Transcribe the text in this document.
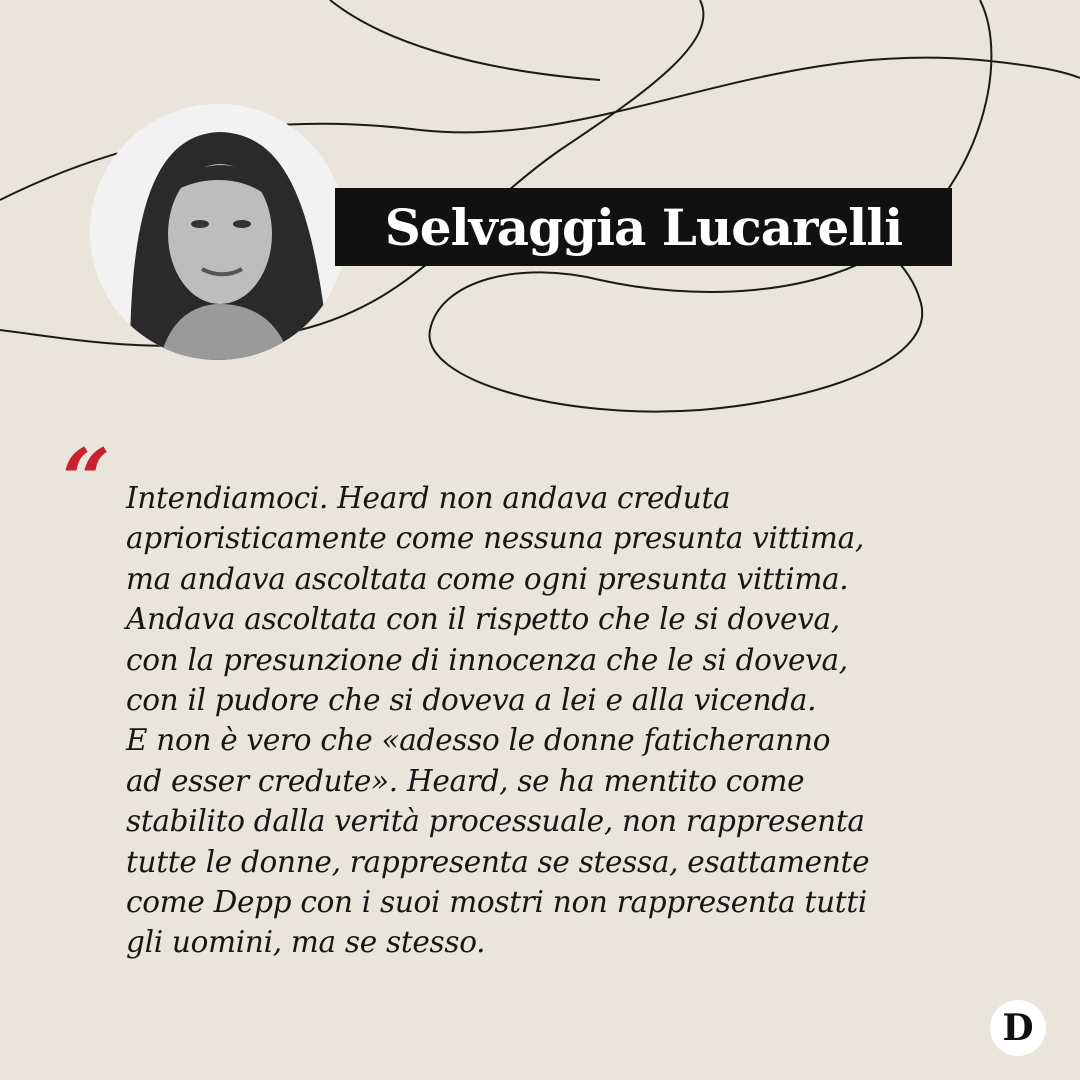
Selvaggia Lucarelli
“ Intendiamoci. Heard non andava creduta
aprioristicamente come nessuna presunta vittima,
ma andava ascoltata come ogni presunta vittima.
Andava ascoltata con il rispetto che le si doveva,
con la presunzione di innocenza che le si doveva,
con il pudore che si doveva a lei e alla vicenda.
E non è vero che «adesso le donne faticheranno
ad esser credute». Heard, se ha mentito come
stabilito dalla verità processuale, non rappresenta
tutte le donne, rappresenta se stessa, esattamente
come Depp con i suoi mostri non rappresenta tutti
gli uomini, ma se stesso.
D
